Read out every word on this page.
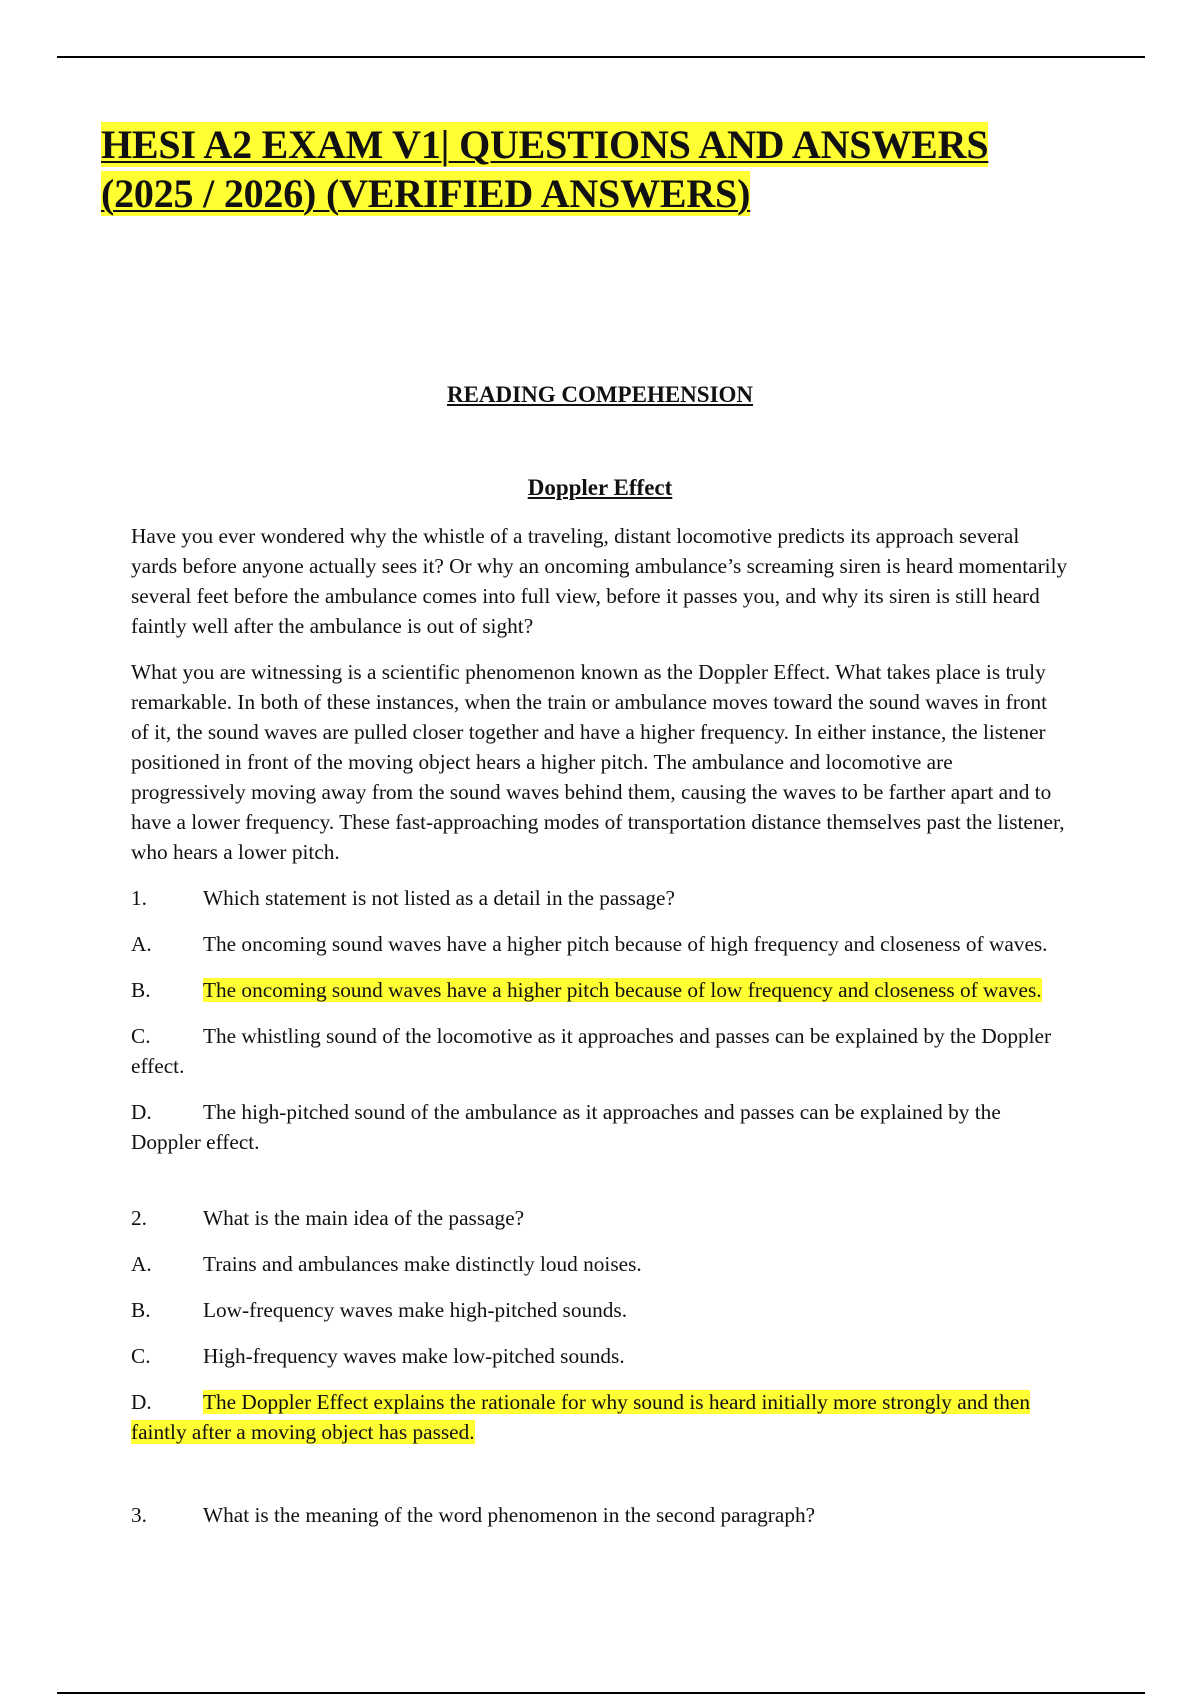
HESI A2 EXAM V1| QUESTIONS AND ANSWERS
(2025 / 2026) (VERIFIED ANSWERS)
READING COMPEHENSION
Doppler Effect

Have you ever wondered why the whistle of a traveling, distant locomotive predicts its approach several yards before anyone actually sees it? Or why an oncoming ambulance’s screaming siren is heard momentarily several feet before the ambulance comes into full view, before it passes you, and why its siren is still heard faintly well after the ambulance is out of sight?

What you are witnessing is a scientific phenomenon known as the Doppler Effect. What takes place is truly remarkable. In both of these instances, when the train or ambulance moves toward the sound waves in front of it, the sound waves are pulled closer together and have a higher frequency. In either instance, the listener positioned in front of the moving object hears a higher pitch. The ambulance and locomotive are progressively moving away from the sound waves behind them, causing the waves to be farther apart and to have a lower frequency. These fast-approaching modes of transportation distance themselves past the listener, who hears a lower pitch.

1.	Which statement is not listed as a detail in the passage?

A. The oncoming sound waves have a higher pitch because of high frequency and closeness of waves.

B. The oncoming sound waves have a higher pitch because of low frequency and closeness of waves.

C. The whistling sound of the locomotive as it approaches and passes can be explained by the Doppler effect.

D. The high-pitched sound of the ambulance as it approaches and passes can be explained by the Doppler effect.

2.	What is the main idea of the passage?

A. Trains and ambulances make distinctly loud noises.

B. Low-frequency waves make high-pitched sounds.

C. High-frequency waves make low-pitched sounds.

D. The Doppler Effect explains the rationale for why sound is heard initially more strongly and then faintly after a moving object has passed.

3.	What is the meaning of the word phenomenon in the second paragraph?
